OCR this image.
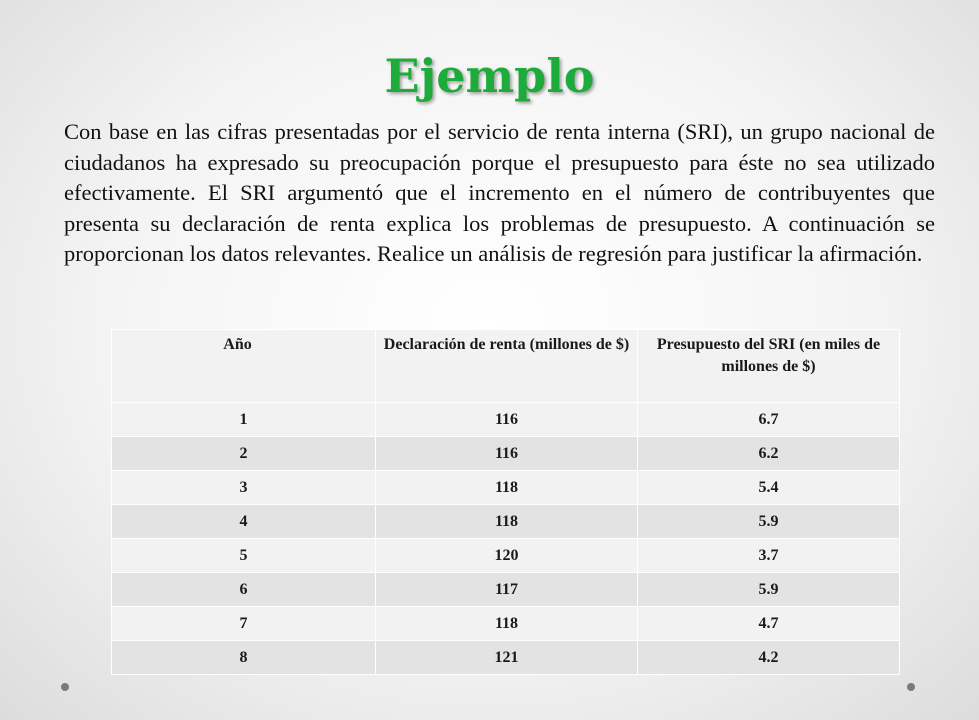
Ejemplo

Con base en las cifras presentadas por el servicio de renta interna (SRI), un grupo nacional de ciudadanos ha expresado su preocupación porque el presupuesto para éste no sea utilizado efectivamente. El SRI argumentó que el incremento en el número de contribuyentes que presenta su declaración de renta explica los problemas de presupuesto. A continuación se proporcionan los datos relevantes. Realice un análisis de regresión para justificar la afirmación.

Año	Declaración de renta (millones de $)	Presupuesto del SRI (en miles de millones de $)
1	116	6.7
2	116	6.2
3	118	5.4
4	118	5.9
5	120	3.7
6	117	5.9
7	118	4.7
8	121	4.2
